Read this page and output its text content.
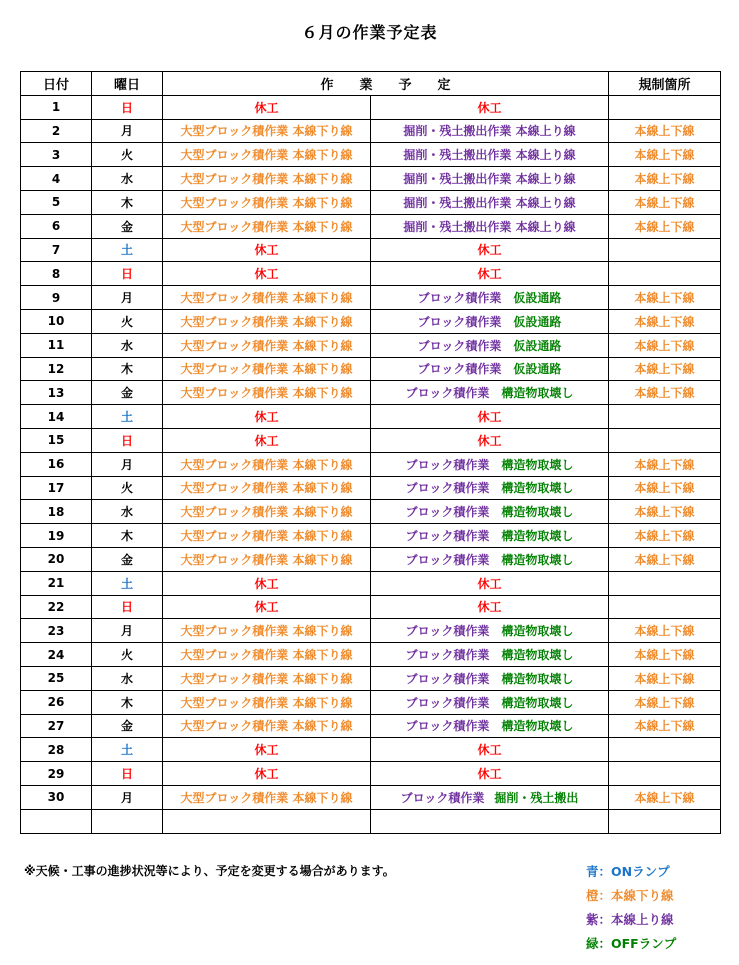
６月の作業予定表
日付	曜日	作　　業　　予　　定		規制箇所
1	日	休工	休工	
2	月	大型ブロック積作業 本線下り線	掘削・残土搬出作業 本線上り線	本線上下線
3	火	大型ブロック積作業 本線下り線	掘削・残土搬出作業 本線上り線	本線上下線
4	水	大型ブロック積作業 本線下り線	掘削・残土搬出作業 本線上り線	本線上下線
5	木	大型ブロック積作業 本線下り線	掘削・残土搬出作業 本線上り線	本線上下線
6	金	大型ブロック積作業 本線下り線	掘削・残土搬出作業 本線上り線	本線上下線
7	土	休工	休工	
8	日	休工	休工	
9	月	大型ブロック積作業 本線下り線	ブロック積作業 仮設通路	本線上下線
10	火	大型ブロック積作業 本線下り線	ブロック積作業 仮設通路	本線上下線
11	水	大型ブロック積作業 本線下り線	ブロック積作業 仮設通路	本線上下線
12	木	大型ブロック積作業 本線下り線	ブロック積作業 仮設通路	本線上下線
13	金	大型ブロック積作業 本線下り線	ブロック積作業 構造物取壊し	本線上下線
14	土	休工	休工	
15	日	休工	休工	
16	月	大型ブロック積作業 本線下り線	ブロック積作業 構造物取壊し	本線上下線
17	火	大型ブロック積作業 本線下り線	ブロック積作業 構造物取壊し	本線上下線
18	水	大型ブロック積作業 本線下り線	ブロック積作業 構造物取壊し	本線上下線
19	木	大型ブロック積作業 本線下り線	ブロック積作業 構造物取壊し	本線上下線
20	金	大型ブロック積作業 本線下り線	ブロック積作業 構造物取壊し	本線上下線
21	土	休工	休工	
22	日	休工	休工	
23	月	大型ブロック積作業 本線下り線	ブロック積作業 構造物取壊し	本線上下線
24	火	大型ブロック積作業 本線下り線	ブロック積作業 構造物取壊し	本線上下線
25	水	大型ブロック積作業 本線下り線	ブロック積作業 構造物取壊し	本線上下線
26	木	大型ブロック積作業 本線下り線	ブロック積作業 構造物取壊し	本線上下線
27	金	大型ブロック積作業 本線下り線	ブロック積作業 構造物取壊し	本線上下線
28	土	休工	休工	
29	日	休工	休工	
30	月	大型ブロック積作業 本線下り線	ブロック積作業 掘削・残土搬出	本線上下線

※天候・工事の進捗状況等により、予定を変更する場合があります。	青：ONランプ
橙：本線下り線
紫：本線上り線
緑：OFFランプ
